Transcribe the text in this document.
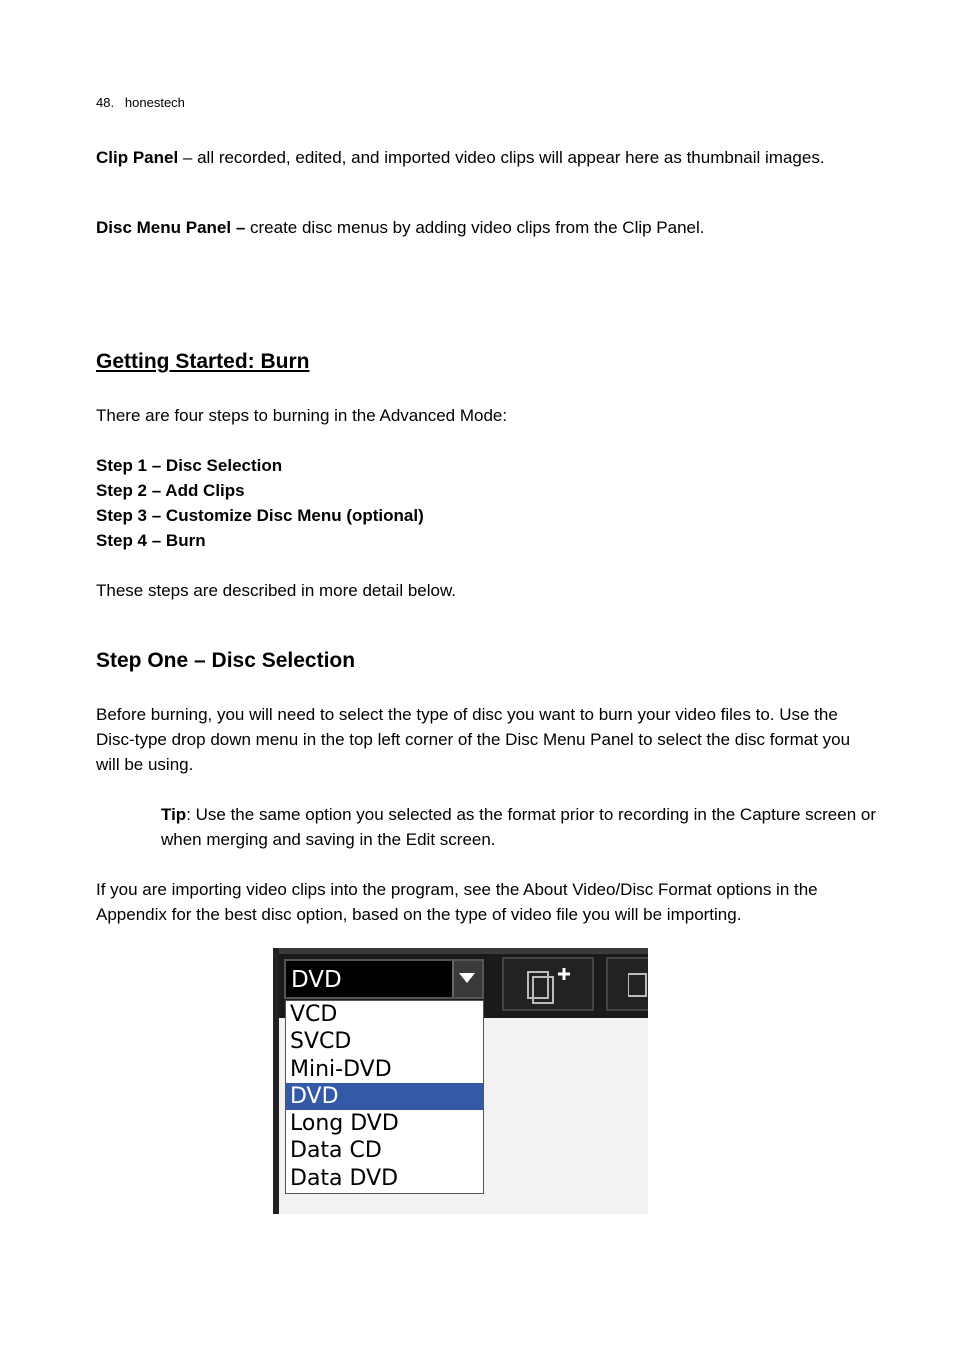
48. honestech
Clip Panel – all recorded, edited, and imported video clips will appear here as thumbnail images.
Disc Menu Panel – create disc menus by adding video clips from the Clip Panel.
Getting Started: Burn
There are four steps to burning in the Advanced Mode:
Step 1 – Disc Selection
Step 2 – Add Clips
Step 3 – Customize Disc Menu (optional)
Step 4 – Burn
These steps are described in more detail below.
Step One – Disc Selection
Before burning, you will need to select the type of disc you want to burn your video files to. Use the Disc-type drop down menu in the top left corner of the Disc Menu Panel to select the disc format you will be using.
Tip: Use the same option you selected as the format prior to recording in the Capture screen or when merging and saving in the Edit screen.
If you are importing video clips into the program, see the About Video/Disc Format options in the Appendix for the best disc option, based on the type of video file you will be importing.
DVD
VCD
SVCD
Mini-DVD
DVD
Long DVD
Data CD
Data DVD
